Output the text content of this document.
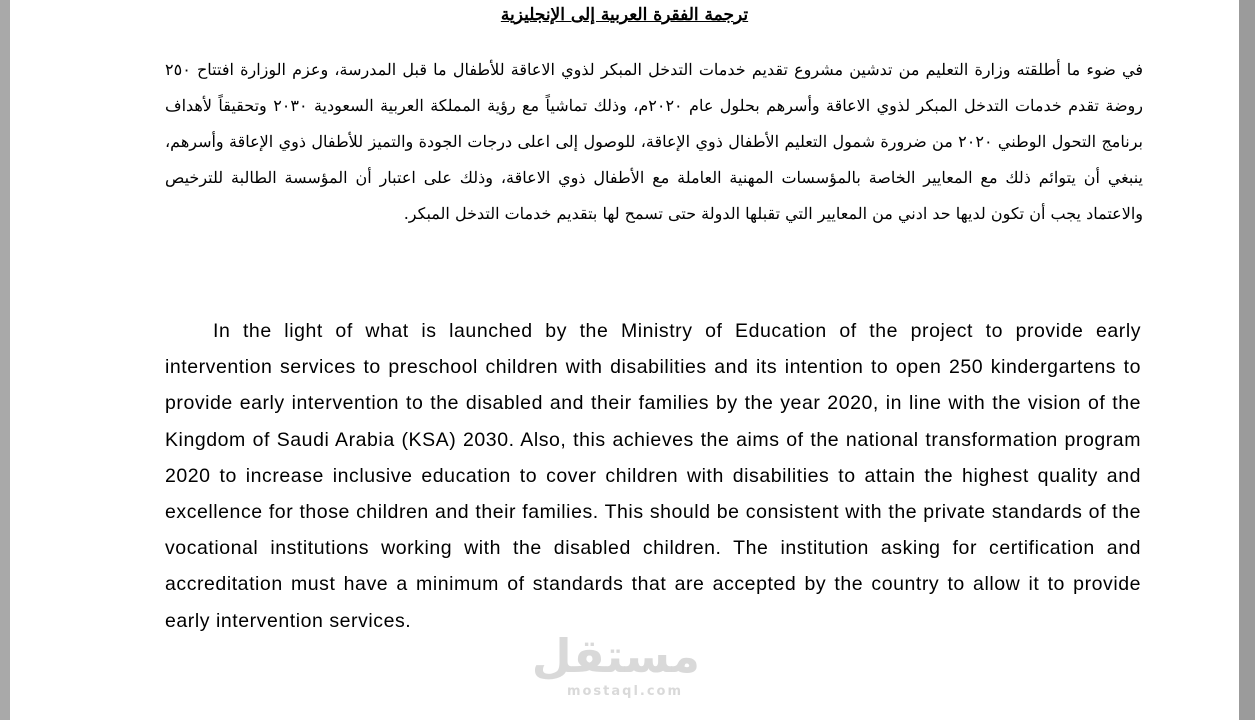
ترجمة الفقرة العربية إلى الإنجليزية
في ضوء ما أطلقته وزارة التعليم من تدشين مشروع تقديم خدمات التدخل المبكر لذوي الاعاقة للأطفال ما قبل المدرسة، وعزم الوزارة افتتاح ٢٥٠ روضة تقدم خدمات التدخل المبكر لذوي الاعاقة وأسرهم بحلول عام ٢٠٢٠م، وذلك تماشياً مع رؤية المملكة العربية السعودية ٢٠٣٠ وتحقيقاً لأهداف برنامج التحول الوطني ٢٠٢٠ من ضرورة شمول التعليم الأطفال ذوي الإعاقة، للوصول إلى اعلى درجات الجودة والتميز للأطفال ذوي الإعاقة وأسرهم، ينبغي أن يتوائم ذلك مع المعايير الخاصة بالمؤسسات المهنية العاملة مع الأطفال ذوي الاعاقة، وذلك على اعتبار أن المؤسسة الطالبة للترخيص والاعتماد يجب أن تكون لديها حد ادني من المعايير التي تقبلها الدولة حتى تسمح لها بتقديم خدمات التدخل المبكر.
In the light of what is launched by the Ministry of Education of the project to provide early intervention services to preschool children with disabilities and its intention to open 250 kindergartens to provide early intervention to the disabled and their families by the year 2020, in line with the vision of the Kingdom of Saudi Arabia (KSA) 2030. Also, this achieves the aims of the national transformation program 2020 to increase inclusive education to cover children with disabilities to attain the highest quality and excellence for those children and their families. This should be consistent with the private standards of the vocational institutions working with the disabled children. The institution asking for certification and accreditation must have a minimum of standards that are accepted by the country to allow it to provide early intervention services.
مستقل
mostaql.com
